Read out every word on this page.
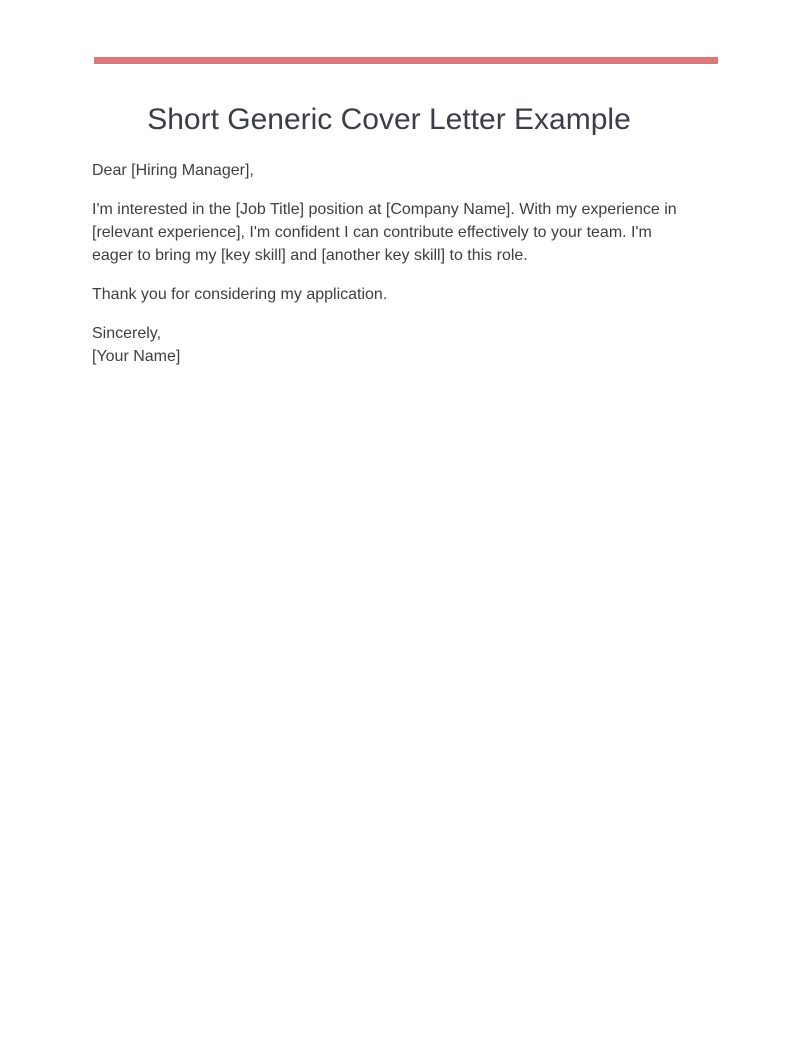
Short Generic Cover Letter Example

Dear [Hiring Manager],

I'm interested in the [Job Title] position at [Company Name]. With my experience in [relevant experience], I'm confident I can contribute effectively to your team. I'm eager to bring my [key skill] and [another key skill] to this role.

Thank you for considering my application.

Sincerely,

[Your Name]
